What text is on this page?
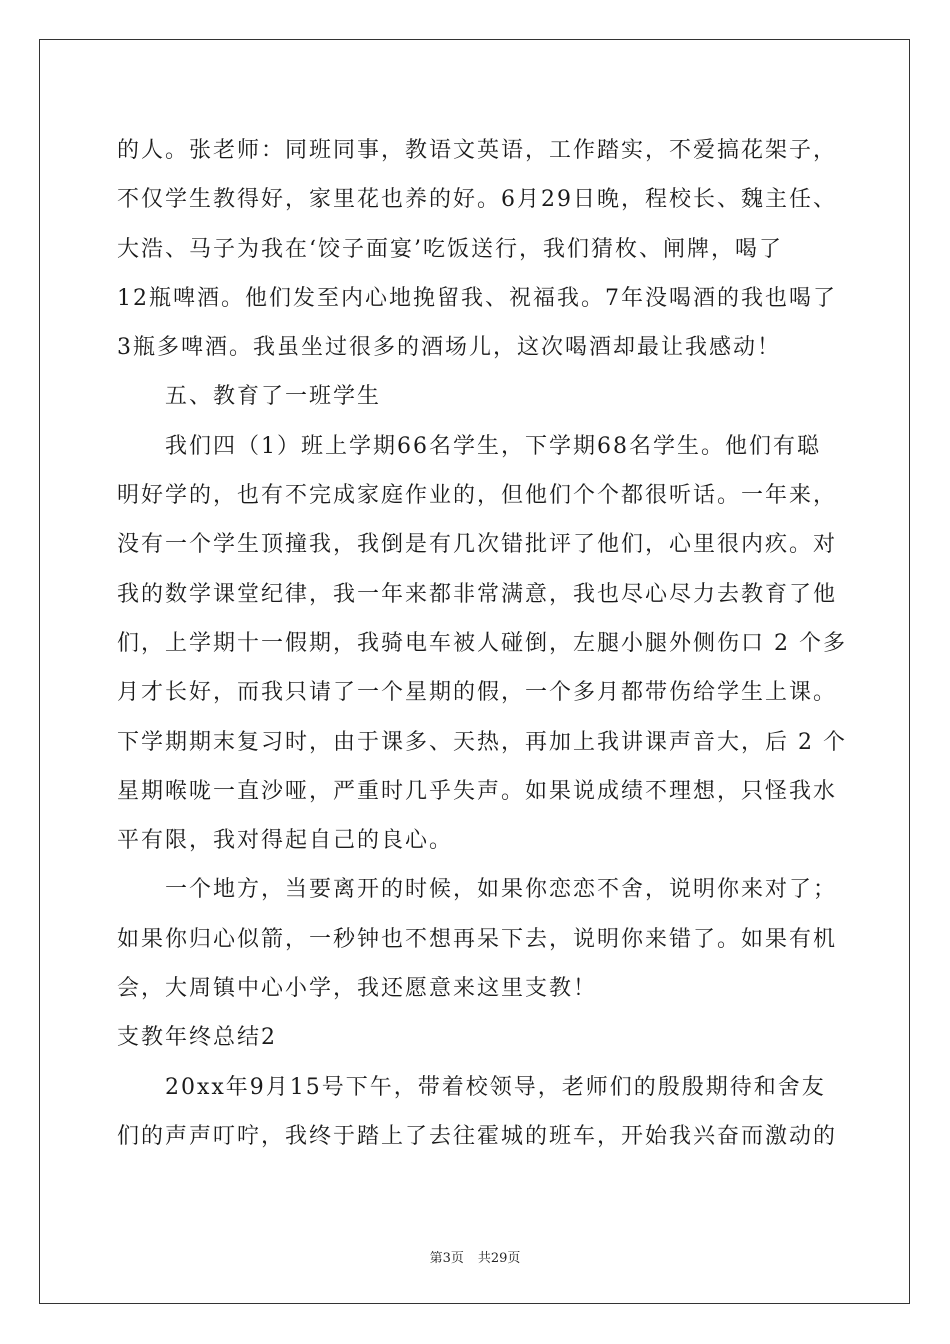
的人。张老师：同班同事，教语文英语，工作踏实，不爱搞花架子，
不仅学生教得好，家里花也养的好。6月29日晚，程校长、魏主任、
大浩、马子为我在‘饺子面宴’吃饭送行，我们猜枚、闸牌，喝了
12瓶啤酒。他们发至内心地挽留我、祝福我。7年没喝酒的我也喝了
3瓶多啤酒。我虽坐过很多的酒场儿，这次喝酒却最让我感动！
五、教育了一班学生
我们四（1）班上学期66名学生，下学期68名学生。他们有聪
明好学的，也有不完成家庭作业的，但他们个个都很听话。一年来，
没有一个学生顶撞我，我倒是有几次错批评了他们，心里很内疚。对
我的数学课堂纪律，我一年来都非常满意，我也尽心尽力去教育了他
们，上学期十一假期，我骑电车被人碰倒，左腿小腿外侧伤口 2 个多
月才长好，而我只请了一个星期的假，一个多月都带伤给学生上课。
下学期期末复习时，由于课多、天热，再加上我讲课声音大，后 2 个
星期喉咙一直沙哑，严重时几乎失声。如果说成绩不理想，只怪我水
平有限，我对得起自己的良心。
一个地方，当要离开的时候，如果你恋恋不舍，说明你来对了；
如果你归心似箭，一秒钟也不想再呆下去，说明你来错了。如果有机
会，大周镇中心小学，我还愿意来这里支教！
支教年终总结2
20xx年9月15号下午，带着校领导，老师们的殷殷期待和舍友
们的声声叮咛，我终于踏上了去往霍城的班车，开始我兴奋而激动的
第3页 共29页
